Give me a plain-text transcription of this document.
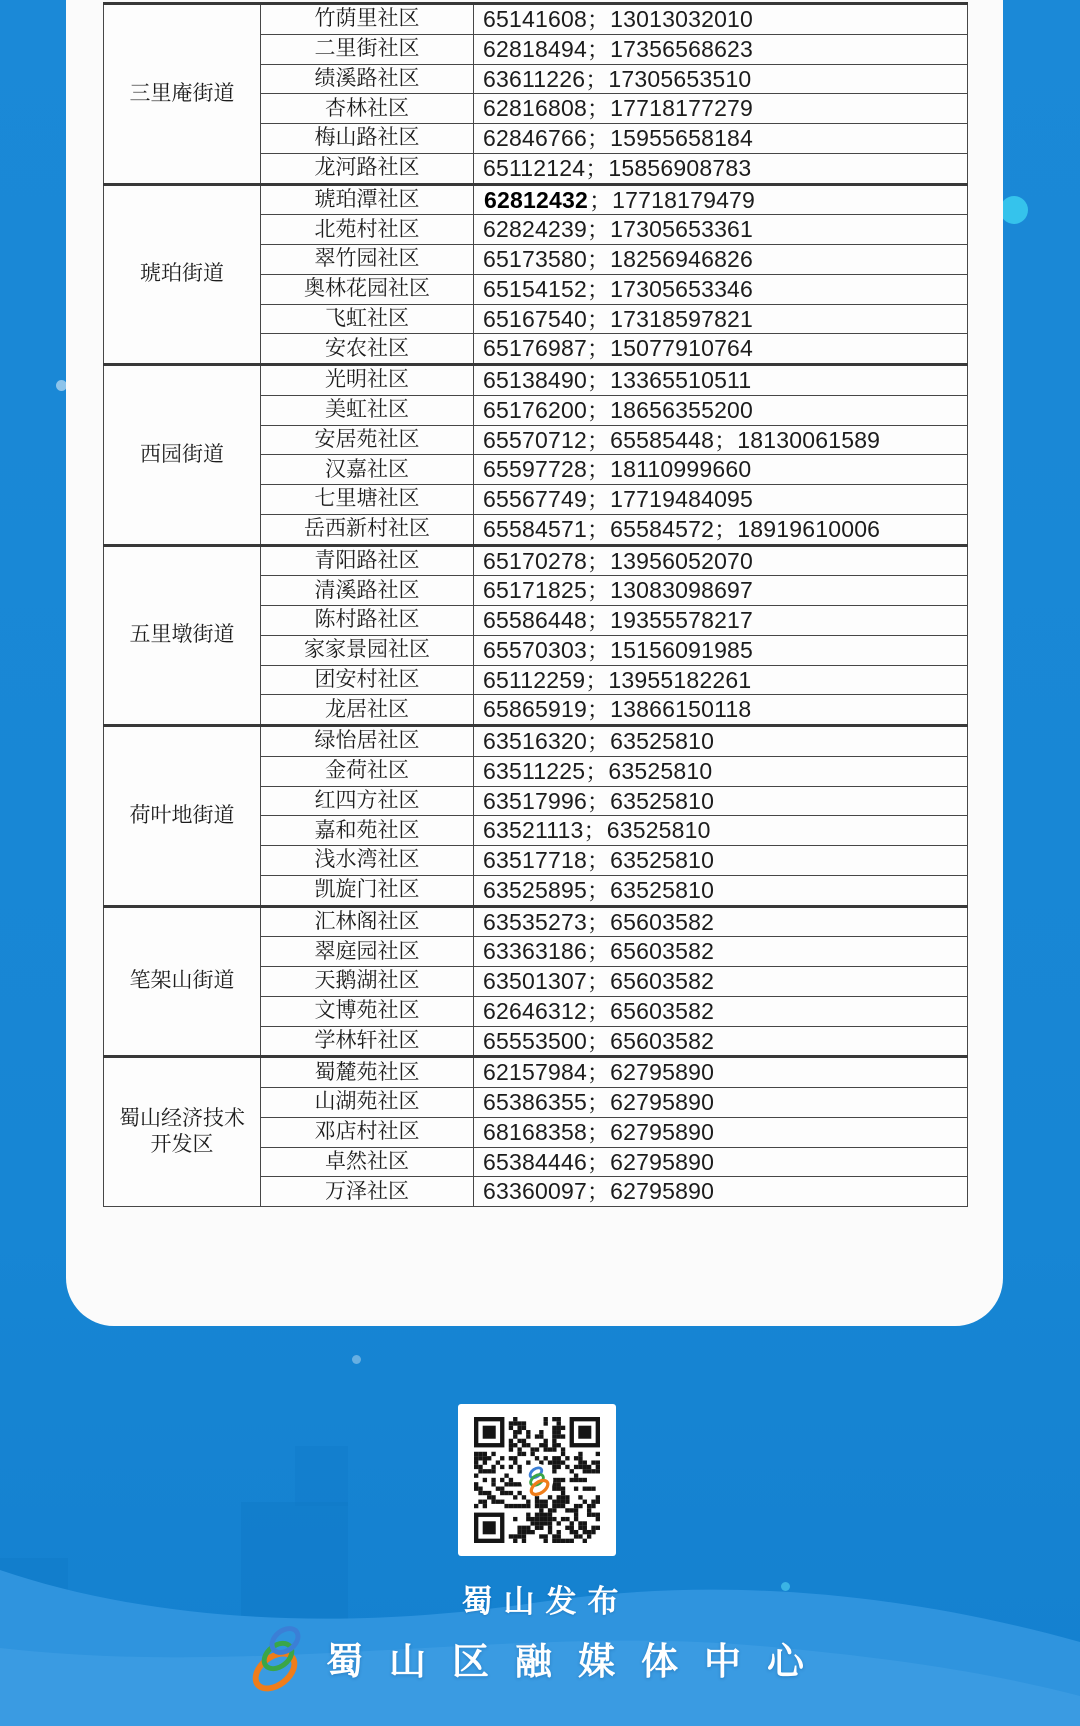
三里庵街道	竹荫里社区	65141608；13013032010
	二里街社区	62818494；17356568623
	绩溪路社区	63611226；17305653510
	杏林社区	62816808；17718177279
	梅山路社区	62846766；15955658184
	龙河路社区	65112124；15856908783
琥珀街道	琥珀潭社区	62812432；17718179479
	北苑村社区	62824239；17305653361
	翠竹园社区	65173580；18256946826
	奥林花园社区	65154152；17305653346
	飞虹社区	65167540；17318597821
	安农社区	65176987；15077910764
西园街道	光明社区	65138490；13365510511
	美虹社区	65176200；18656355200
	安居苑社区	65570712；65585448；18130061589
	汉嘉社区	65597728；18110999660
	七里塘社区	65567749；17719484095
	岳西新村社区	65584571；65584572；18919610006
五里墩街道	青阳路社区	65170278；13956052070
	清溪路社区	65171825；13083098697
	陈村路社区	65586448；19355578217
	家家景园社区	65570303；15156091985
	团安村社区	65112259；13955182261
	龙居社区	65865919；13866150118
荷叶地街道	绿怡居社区	63516320；63525810
	金荷社区	63511225；63525810
	红四方社区	63517996；63525810
	嘉和苑社区	63521113；63525810
	浅水湾社区	63517718；63525810
	凯旋门社区	63525895；63525810
笔架山街道	汇林阁社区	63535273；65603582
	翠庭园社区	63363186；65603582
	天鹅湖社区	63501307；65603582
	文博苑社区	62646312；65603582
	学林轩社区	65553500；65603582
蜀山经济技术开发区	蜀麓苑社区	62157984；62795890
	山湖苑社区	65386355；62795890
	邓店村社区	68168358；62795890
	卓然社区	65384446；62795890
	万泽社区	63360097；62795890
蜀山发布
蜀山区融媒体中心
